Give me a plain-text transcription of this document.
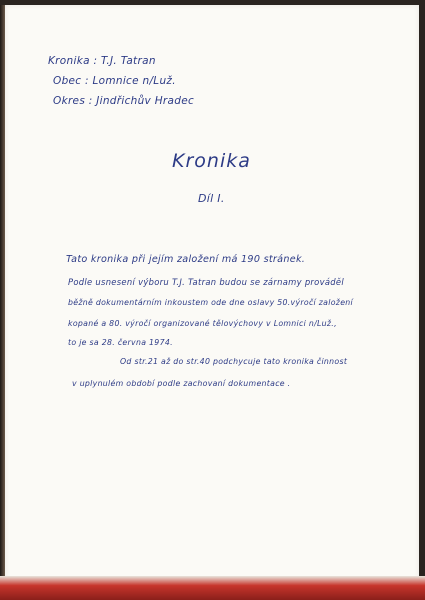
Kronika : T.J. Tatran
Obec : Lomnice n/Luž.
Okres : Jindřichův Hradec
Kronika
Díl I.
Tato kronika při jejím založení má 190 stránek.
Podle usnesení výboru T.J. Tatran budou se zárnamy prováděl
běžně dokumentárním inkoustem ode dne oslavy 50.výročí založení
kopané a 80. výročí organizované tělovýchovy v Lomnici n/Luž.,
to je sa 28. června 1974.
Od str.21 až do str.40 podchycuje tato kronika činnost
v uplynulém období podle zachovaní dokumentace .
